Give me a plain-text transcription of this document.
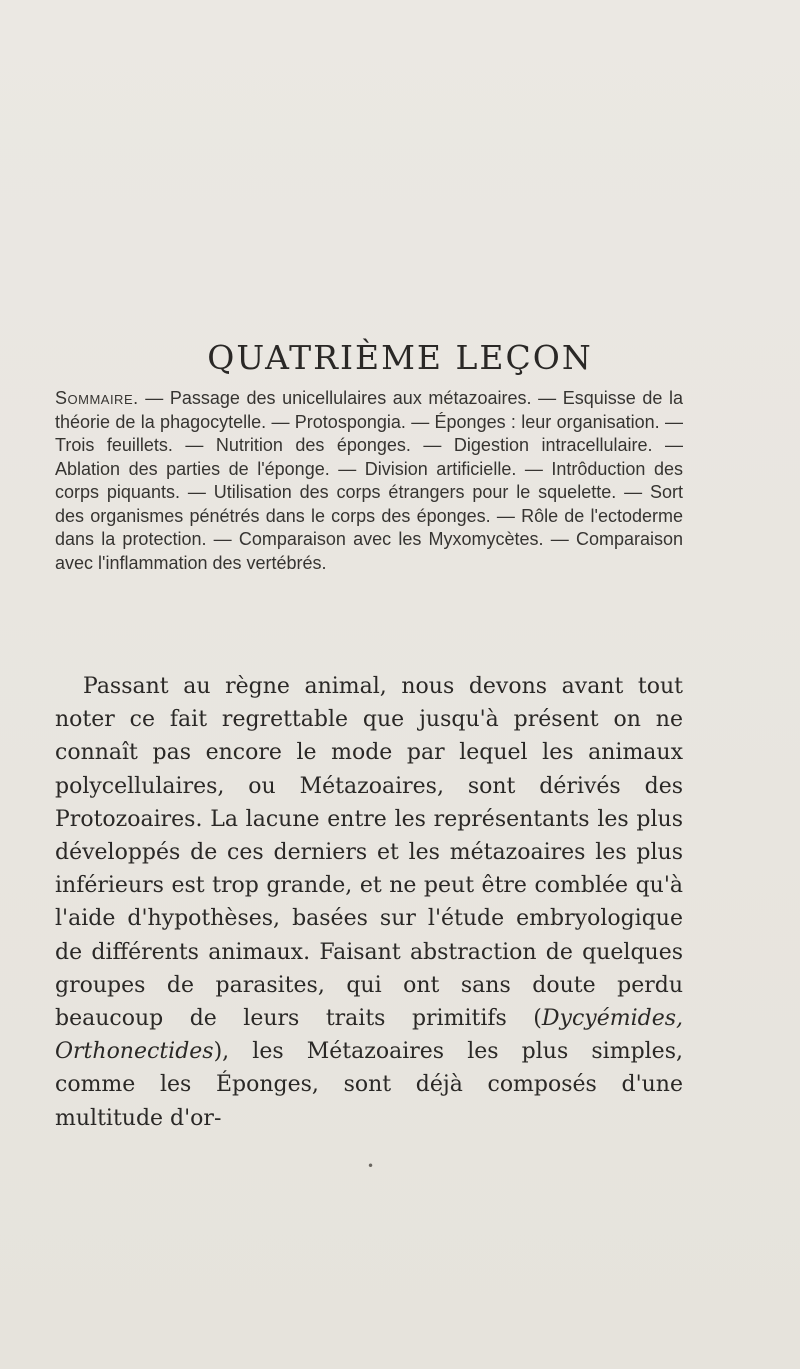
QUATRIÈME LEÇON

Sommaire. — Passage des unicellulaires aux métazoaires. — Esquisse de la théorie de la phagocytelle. — Protospongia. — Éponges : leur organisation. — Trois feuillets. — Nutrition des éponges. — Digestion intracellulaire. — Ablation des parties de l'éponge. — Division artificielle. — Intrôduction des corps piquants. — Utilisation des corps étrangers pour le squelette. — Sort des organismes pénétrés dans le corps des éponges. — Rôle de l'ectoderme dans la protection. — Comparaison avec les Myxomycètes. — Comparaison avec l'inflammation des vertébrés.

Passant au règne animal, nous devons avant tout noter ce fait regrettable que jusqu'à présent on ne connaît pas encore le mode par lequel les animaux polycellulaires, ou Métazoaires, sont dérivés des Protozoaires. La lacune entre les représentants les plus développés de ces derniers et les métazoaires les plus inférieurs est trop grande, et ne peut être comblée qu'à l'aide d'hypothèses, basées sur l'étude embryologique de différents animaux. Faisant abstraction de quelques groupes de parasites, qui ont sans doute perdu beaucoup de leurs traits primitifs (Dycyémides, Orthonectides), les Métazoaires les plus simples, comme les Éponges, sont déjà composés d'une multitude d'or-

•
